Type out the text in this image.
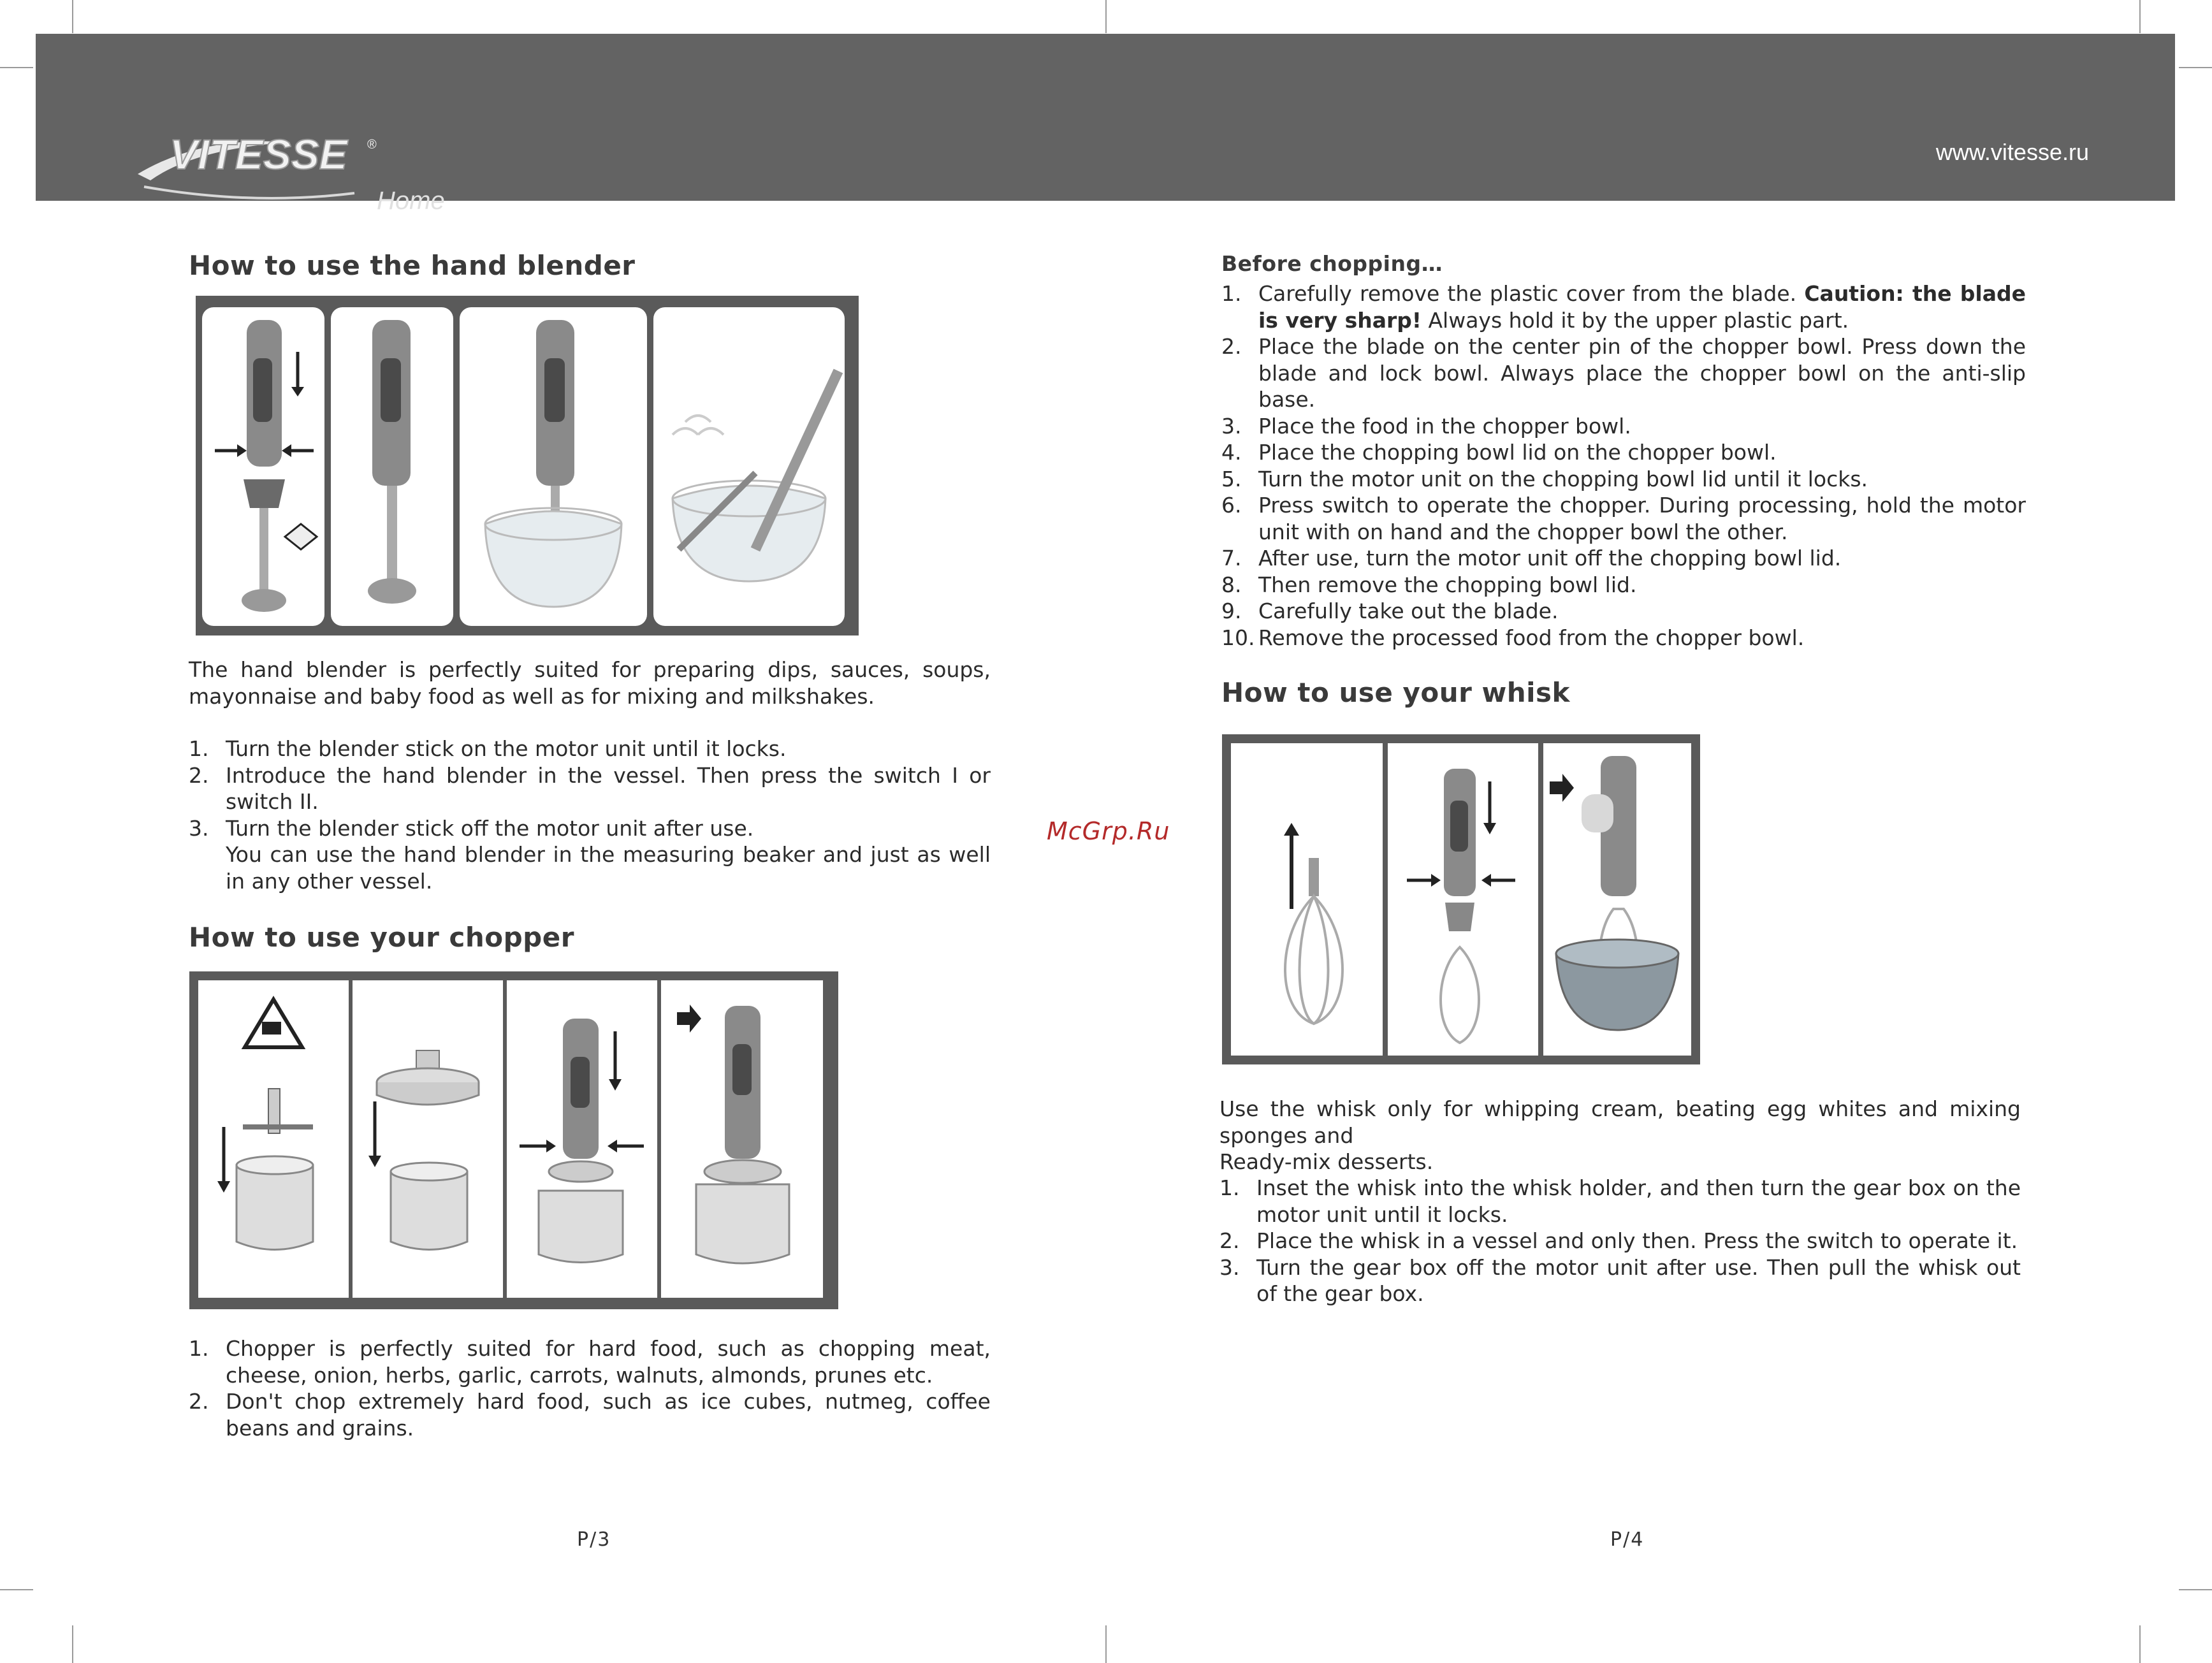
VITESSE ®
Home
www.vitesse.ru
How to use the hand blender
The hand blender is perfectly suited for preparing dips, sauces, soups, mayonnaise and baby food as well as for mixing and milkshakes.
1. Turn the blender stick on the motor unit until it locks.
2. Introduce the hand blender in the vessel. Then press the switch I or switch II.
3. Turn the blender stick off the motor unit after use.
You can use the hand blender in the measuring beaker and just as well in any other vessel.
How to use your chopper
1. Chopper is perfectly suited for hard food, such as chopping meat, cheese, onion, herbs, garlic, carrots, walnuts, almonds, prunes etc.
2. Don't chop extremely hard food, such as ice cubes, nutmeg, coffee beans and grains.
P/3
McGrp.Ru
Before chopping…
1. Carefully remove the plastic cover from the blade. Caution: the blade is very sharp! Always hold it by the upper plastic part.
2. Place the blade on the center pin of the chopper bowl. Press down the blade and lock bowl. Always place the chopper bowl on the anti-slip base.
3. Place the food in the chopper bowl.
4. Place the chopping bowl lid on the chopper bowl.
5. Turn the motor unit on the chopping bowl lid until it locks.
6. Press switch to operate the chopper. During processing, hold the motor unit with on hand and the chopper bowl the other.
7. After use, turn the motor unit off the chopping bowl lid.
8. Then remove the chopping bowl lid.
9. Carefully take out the blade.
10. Remove the processed food from the chopper bowl.
How to use your whisk
Use the whisk only for whipping cream, beating egg whites and mixing sponges and
Ready-mix desserts.
1. Inset the whisk into the whisk holder, and then turn the gear box on the motor unit until it locks.
2. Place the whisk in a vessel and only then. Press the switch to operate it.
3. Turn the gear box off the motor unit after use. Then pull the whisk out of the gear box.
P/4
